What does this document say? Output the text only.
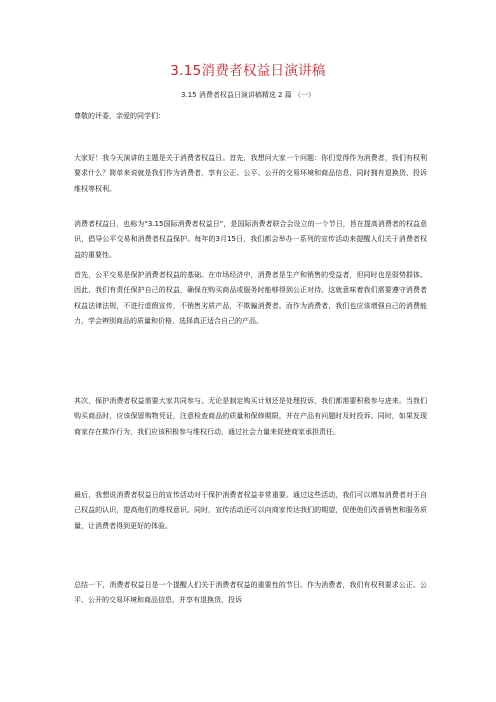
3.15消费者权益日演讲稿
3.15 消费者权益日演讲稿精选 2 篇 （一）
尊敬的评委，亲爱的同学们：
大家好！我今天演讲的主题是关于消费者权益日。首先，我想问大家一个问题：你们觉得作为消费者，我们有权利要求什么？简单来说就是我们作为消费者，享有公正、公平、公开的交易环境和商品信息，同时拥有退换货、投诉维权等权利。
消费者权益日，也称为“3.15国际消费者权益日”，是国际消费者联合会设立的一个节日，旨在提高消费者的权益意识，倡导公平交易和消费者权益保护。每年的3月15日，我们都会举办一系列的宣传活动来提醒人们关于消费者权益的重要性。
首先，公平交易是保护消费者权益的基础。在市场经济中，消费者是生产和销售的受益者，但同时也是弱势群体。因此，我们有责任保护自己的权益，确保在购买商品或服务时能够得到公正对待。这就意味着我们需要遵守消费者权益法律法规，不进行虚假宣传，不销售劣质产品，不欺骗消费者。而作为消费者，我们也应该增强自己的消费能力，学会辨别商品的质量和价格，选择真正适合自己的产品。
其次，保护消费者权益需要大家共同参与。无论是制定购买计划还是处理投诉，我们都需要积极参与进来。当我们购买商品时，应该保留购物凭证，注意检查商品的质量和保修期限，并在产品有问题时及时投诉。同时，如果发现商家存在欺诈行为，我们应该积极参与维权行动，通过社会力量来促使商家承担责任。
最后，我想说消费者权益日的宣传活动对于保护消费者权益非常重要。通过这些活动，我们可以增加消费者对于自己权益的认识，提高他们的维权意识。同时，宣传活动还可以向商家传达我们的期望，促使他们改善销售和服务质量，让消费者得到更好的体验。
总结一下，消费者权益日是一个提醒人们关于消费者权益的重要性的节日。作为消费者，我们有权利要求公正、公平、公开的交易环境和商品信息，并享有退换货、投诉
